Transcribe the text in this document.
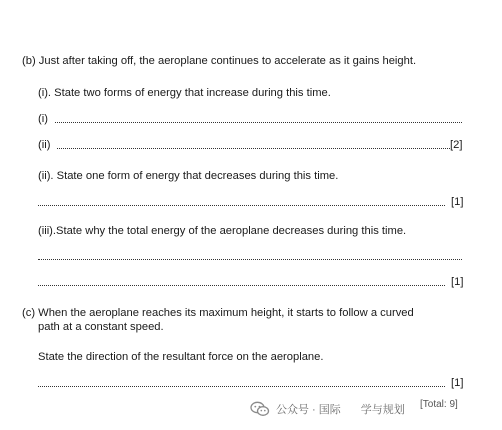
(b) Just after taking off, the aeroplane continues to accelerate as it gains height.
(i). State two forms of energy that increase during this time.
(i)
(ii)	[2]
(ii). State one form of energy that decreases during this time.
[1]
(iii).State why the total energy of the aeroplane decreases during this time.
[1]
(c) When the aeroplane reaches its maximum height, it starts to follow a curved
path at a constant speed.
State the direction of the resultant force on the aeroplane.
[1]
公众号 · 国际 学与规划 [Total: 9]
